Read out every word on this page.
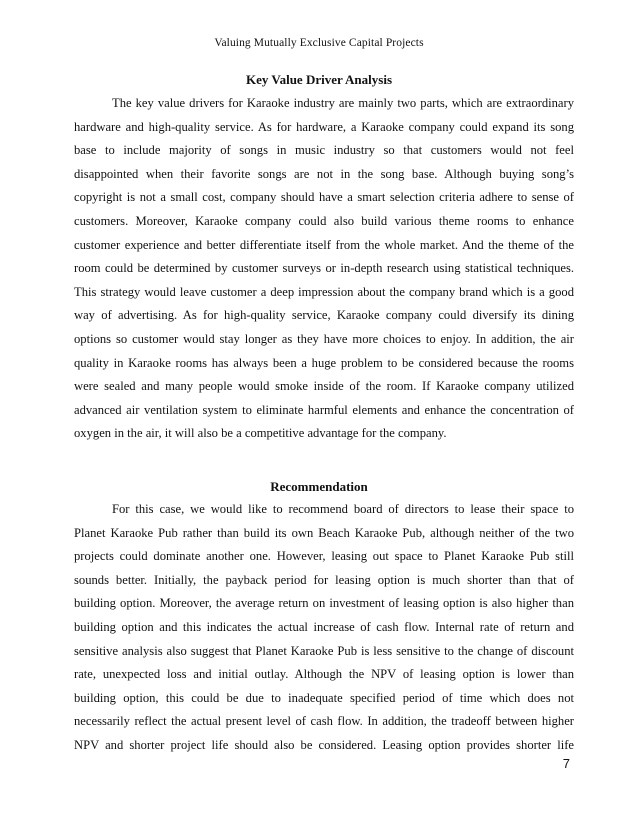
Valuing Mutually Exclusive Capital Projects
Key Value Driver Analysis
The key value drivers for Karaoke industry are mainly two parts, which are extraordinary
hardware and high-quality service. As for hardware, a Karaoke company could expand its song
base to include majority of songs in music industry so that customers would not feel
disappointed when their favorite songs are not in the song base. Although buying song’s
copyright is not a small cost, company should have a smart selection criteria adhere to sense of
customers. Moreover, Karaoke company could also build various theme rooms to enhance
customer experience and better differentiate itself from the whole market. And the theme of the
room could be determined by customer surveys or in-depth research using statistical techniques.
This strategy would leave customer a deep impression about the company brand which is a good
way of advertising. As for high-quality service, Karaoke company could diversify its dining
options so customer would stay longer as they have more choices to enjoy. In addition, the air
quality in Karaoke rooms has always been a huge problem to be considered because the rooms
were sealed and many people would smoke inside of the room. If Karaoke company utilized
advanced air ventilation system to eliminate harmful elements and enhance the concentration of
oxygen in the air, it will also be a competitive advantage for the company.
Recommendation
For this case, we would like to recommend board of directors to lease their space to
Planet Karaoke Pub rather than build its own Beach Karaoke Pub, although neither of the two
projects could dominate another one. However, leasing out space to Planet Karaoke Pub still
sounds better. Initially, the payback period for leasing option is much shorter than that of
building option. Moreover, the average return on investment of leasing option is also higher than
building option and this indicates the actual increase of cash flow. Internal rate of return and
sensitive analysis also suggest that Planet Karaoke Pub is less sensitive to the change of discount
rate, unexpected loss and initial outlay. Although the NPV of leasing option is lower than
building option, this could be due to inadequate specified period of time which does not
necessarily reflect the actual present level of cash flow. In addition, the tradeoff between higher
NPV and shorter project life should also be considered. Leasing option provides shorter life
7
